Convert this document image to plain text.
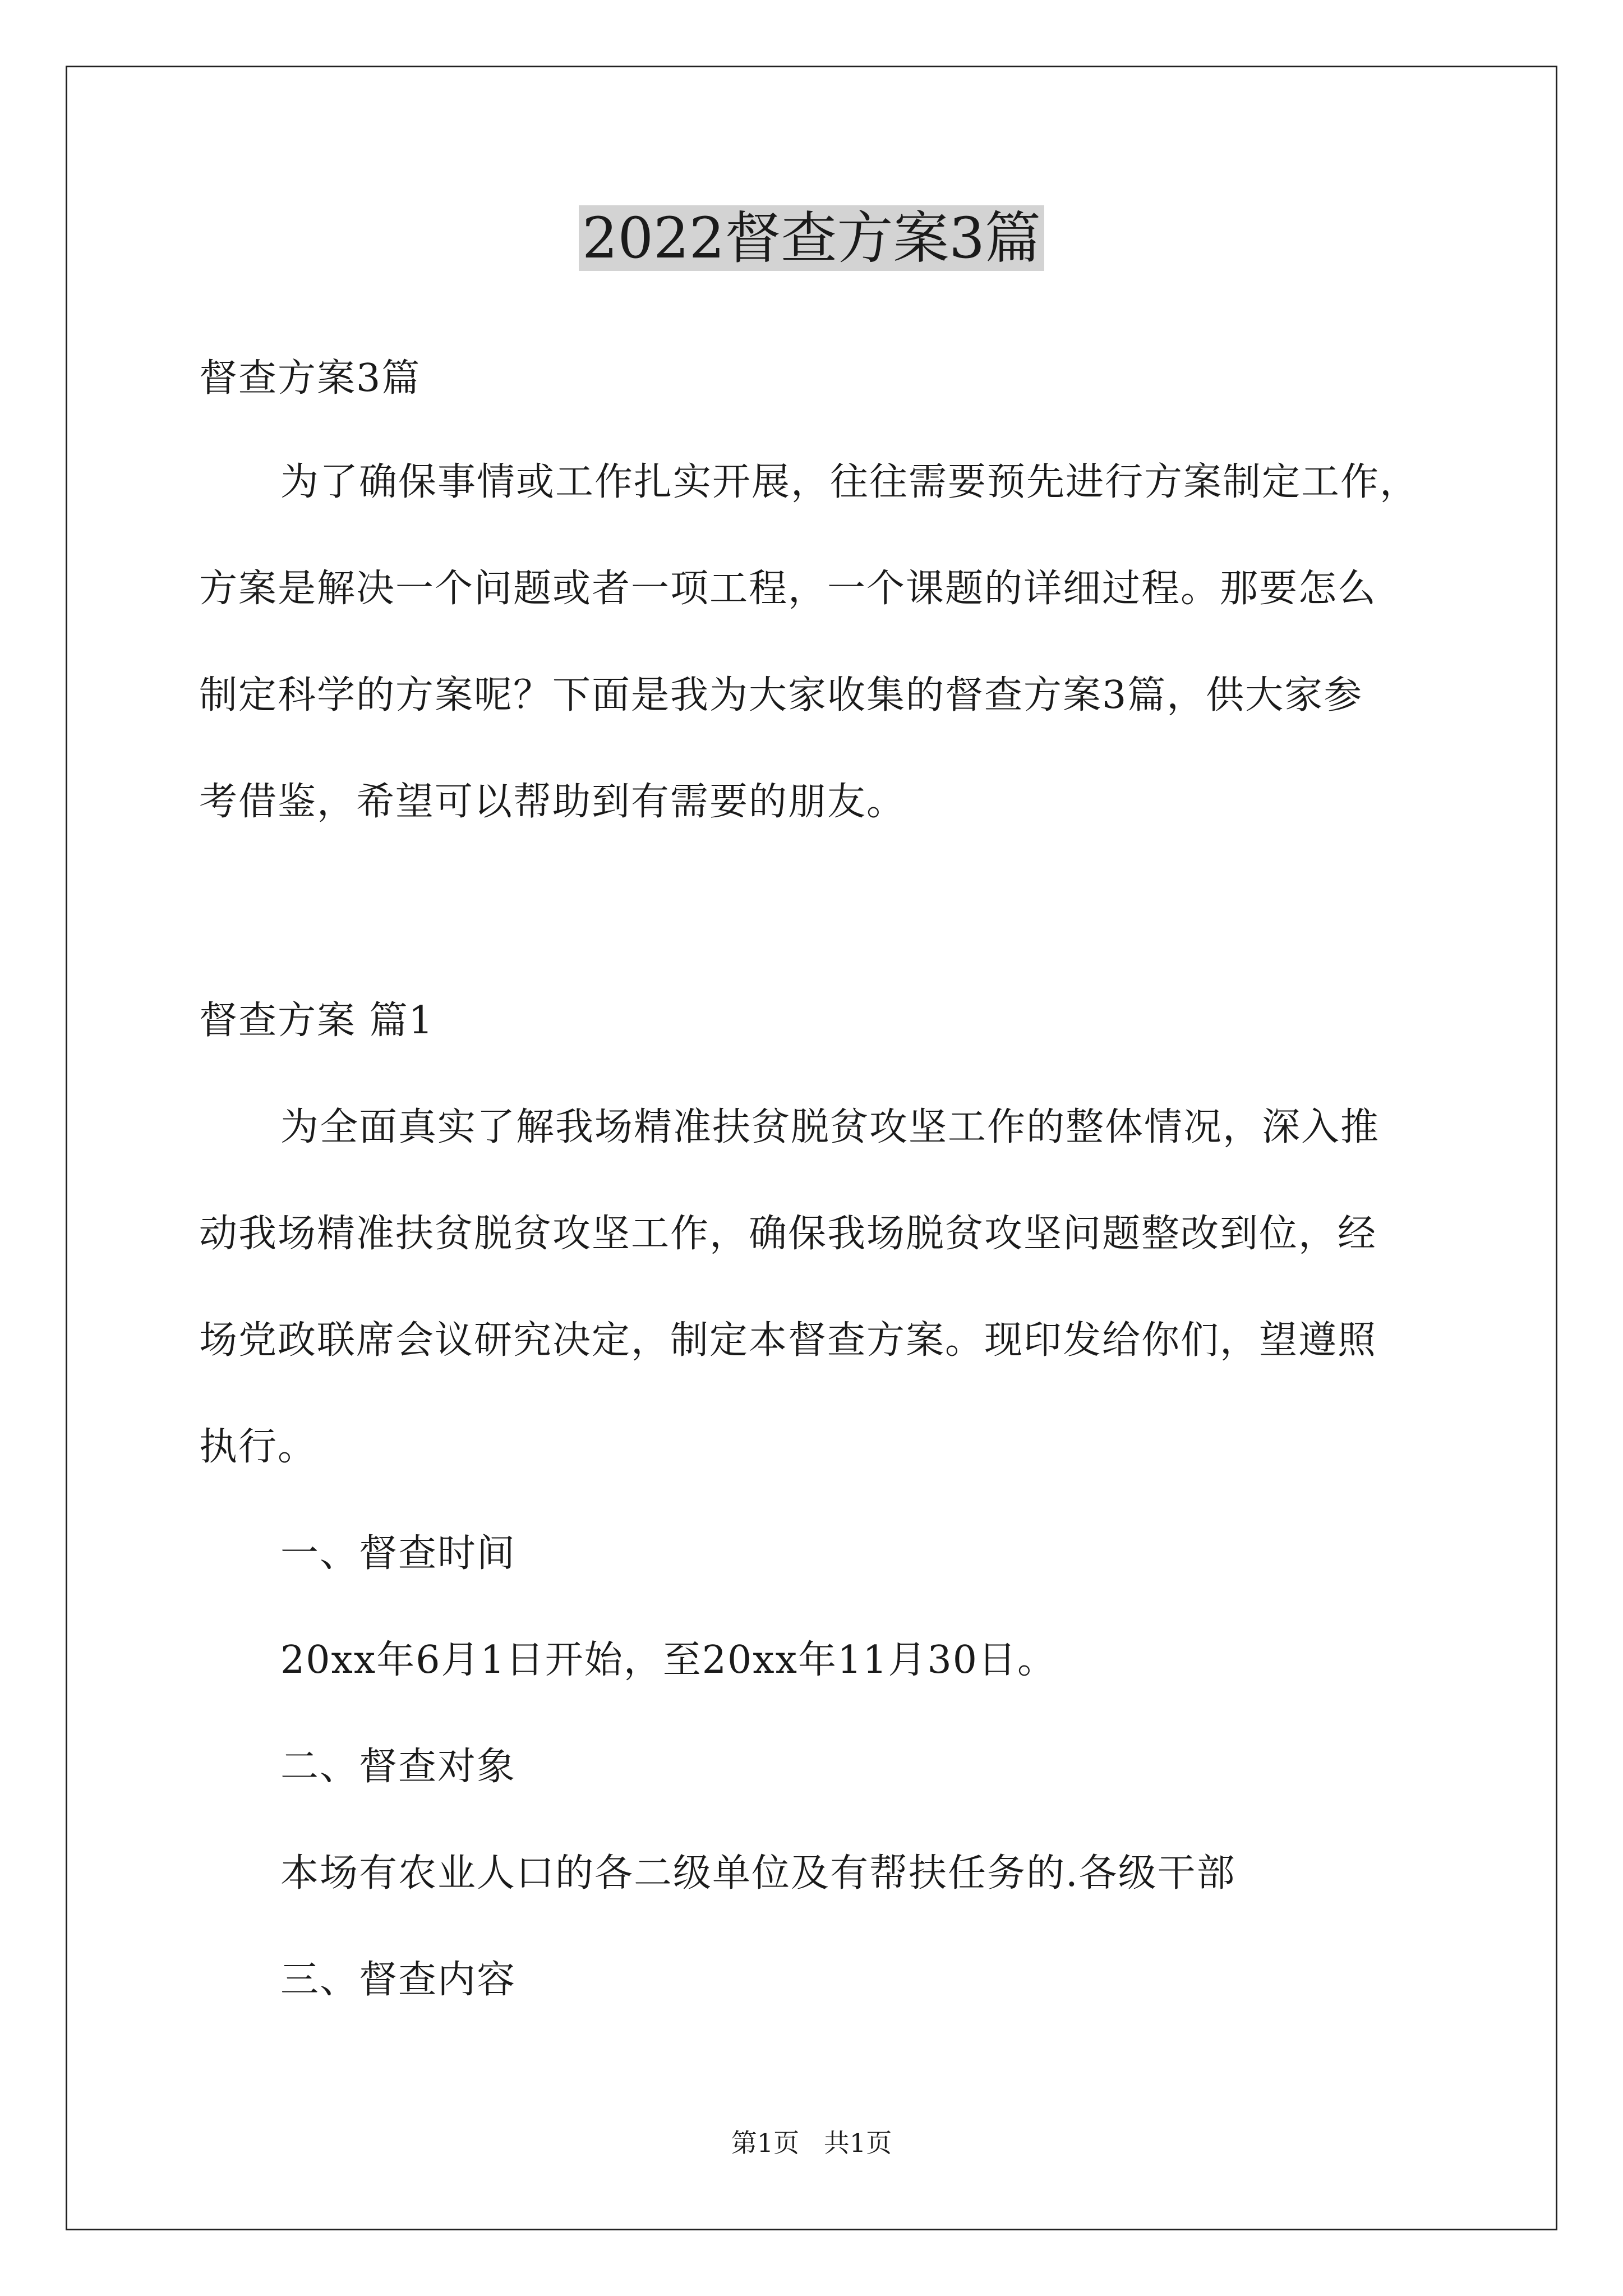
2022督查方案3篇
督查方案3篇
为了确保事情或工作扎实开展，往往需要预先进行方案制定工作，
方案是解决一个问题或者一项工程，一个课题的详细过程。那要怎么
制定科学的方案呢？下面是我为大家收集的督查方案3篇，供大家参
考借鉴，希望可以帮助到有需要的朋友。
督查方案 篇1
为全面真实了解我场精准扶贫脱贫攻坚工作的整体情况，深入推
动我场精准扶贫脱贫攻坚工作，确保我场脱贫攻坚问题整改到位，经
场党政联席会议研究决定，制定本督查方案。现印发给你们，望遵照
执行。
一、督查时间
20xx年6月1日开始，至20xx年11月30日。
二、督查对象
本场有农业人口的各二级单位及有帮扶任务的.各级干部
三、督查内容
第1页   共1页
